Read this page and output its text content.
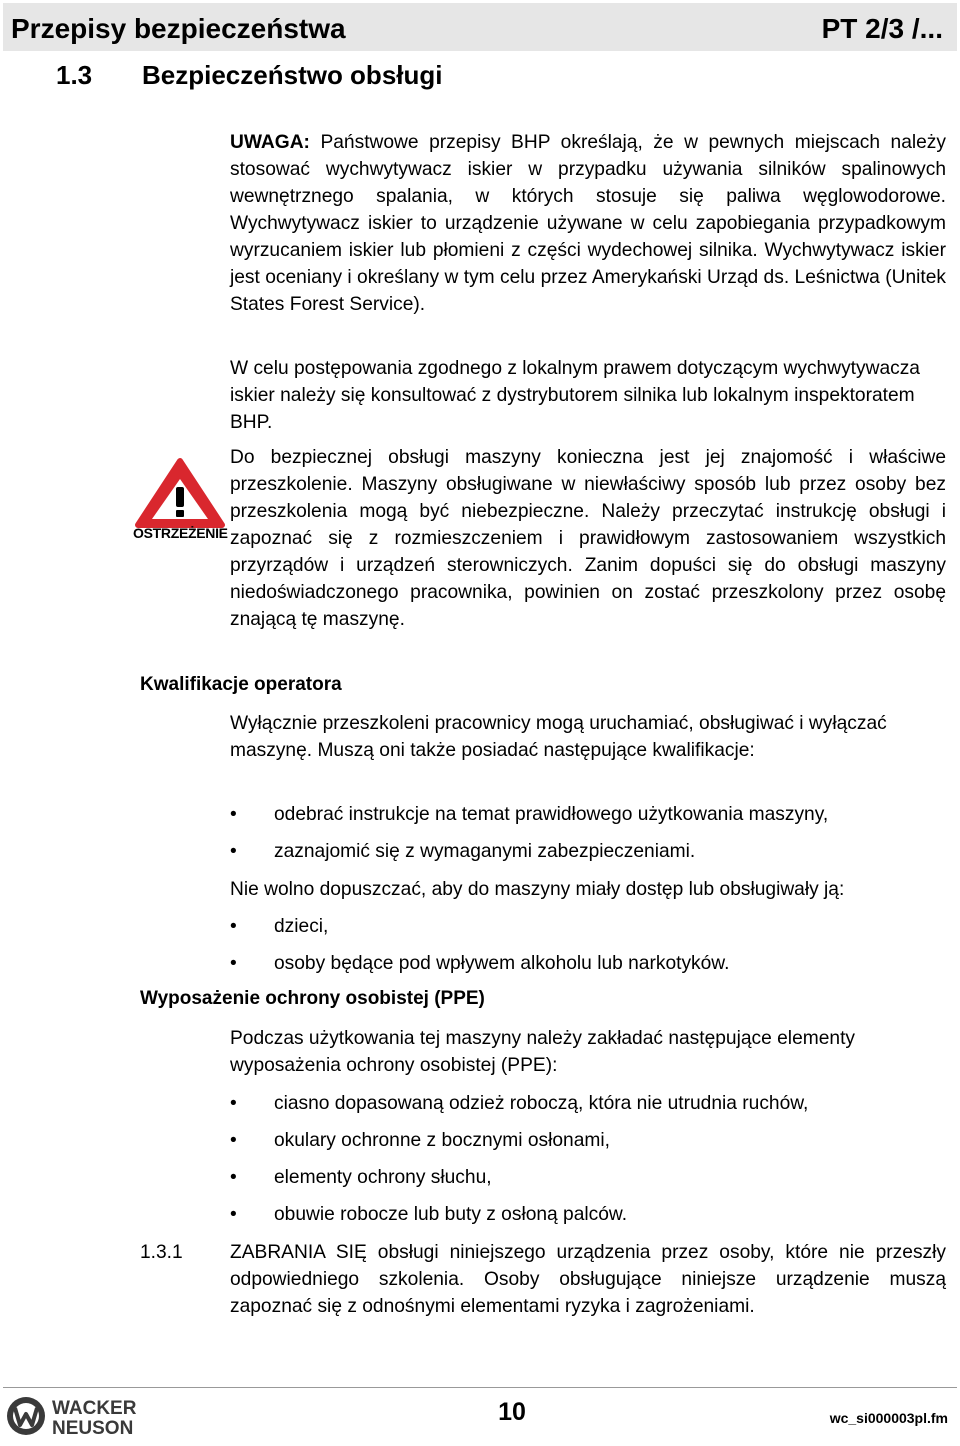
Przepisy bezpieczeństwa	PT 2/3 /...
1.3 Bezpieczeństwo obsługi

UWAGA: Państwowe przepisy BHP określają, że w pewnych miejscach należy stosować wychwytywacz iskier w przypadku używania silników spalinowych wewnętrznego spalania, w których stosuje się paliwa węglowodorowe. Wychwytywacz iskier to urządzenie używane w celu zapobiegania przypadkowym wyrzucaniem iskier lub płomieni z części wydechowej silnika. Wychwytywacz iskier jest oceniany i określany w tym celu przez Amerykański Urząd ds. Leśnictwa (Unitek States Forest Service).

W celu postępowania zgodnego z lokalnym prawem dotyczącym wychwytywacza iskier należy się konsultować z dystrybutorem silnika lub lokalnym inspektoratem BHP.

OSTRZEŻENIE

Do bezpiecznej obsługi maszyny konieczna jest jej znajomość i właściwe przeszkolenie. Maszyny obsługiwane w niewłaściwy sposób lub przez osoby bez przeszkolenia mogą być niebezpieczne. Należy przeczytać instrukcję obsługi i zapoznać się z rozmieszczeniem i prawidłowym zastosowaniem wszystkich przyrządów i urządzeń sterowniczych. Zanim dopuści się do obsługi maszyny niedoświadczonego pracownika, powinien on zostać przeszkolony przez osobę znającą tę maszynę.

Kwalifikacje operatora

Wyłącznie przeszkoleni pracownicy mogą uruchamiać, obsługiwać i wyłączać maszynę. Muszą oni także posiadać następujące kwalifikacje:

• odebrać instrukcje na temat prawidłowego użytkowania maszyny,
• zaznajomić się z wymaganymi zabezpieczeniami.

Nie wolno dopuszczać, aby do maszyny miały dostęp lub obsługiwały ją:

• dzieci,
• osoby będące pod wpływem alkoholu lub narkotyków.
Wyposażenie ochrony osobistej (PPE)

Podczas użytkowania tej maszyny należy zakładać następujące elementy wyposażenia ochrony osobistej (PPE):

• ciasno dopasowaną odzież roboczą, która nie utrudnia ruchów,
• okulary ochronne z bocznymi osłonami,
• elementy ochrony słuchu,
• obuwie robocze lub buty z osłoną palców.
1.3.1 ZABRANIA SIĘ obsługi niniejszego urządzenia przez osoby, które nie przeszły odpowiedniego szkolenia. Osoby obsługujące niniejsze urządzenie muszą zapoznać się z odnośnymi elementami ryzyka i zagrożeniami.

WACKER
NEUSON
10	wc_si000003pl.fm
